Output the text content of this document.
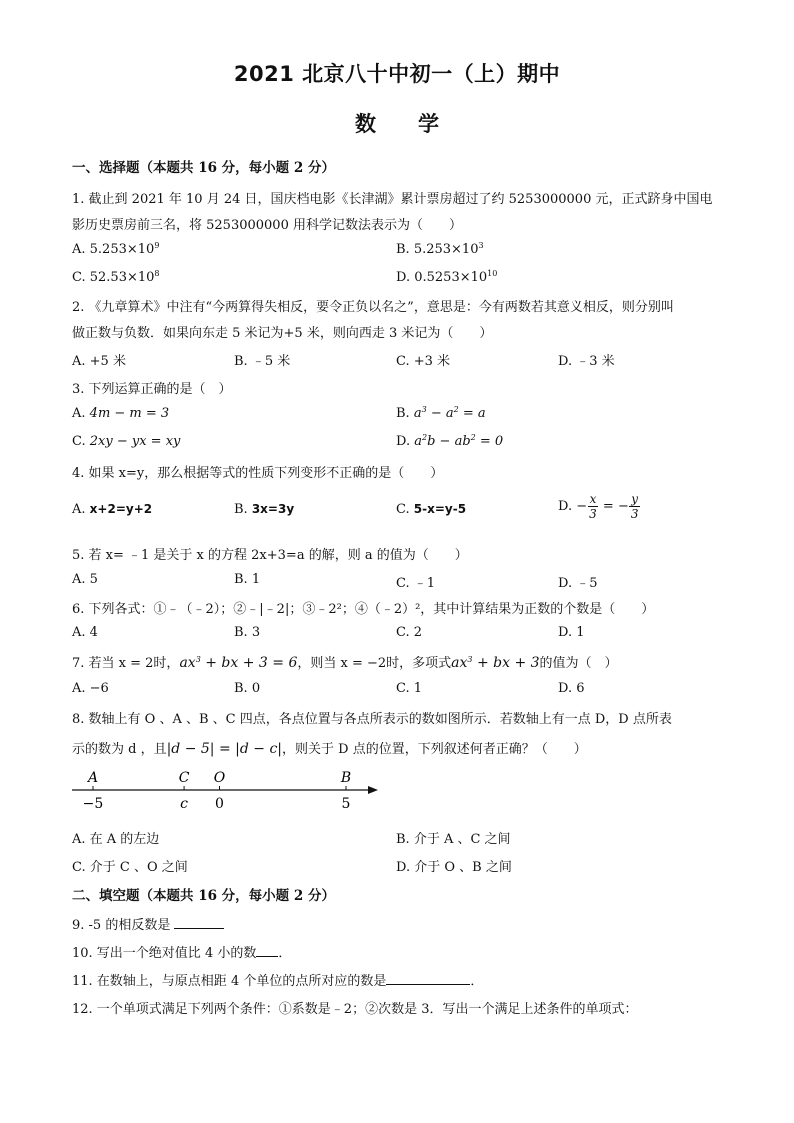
2021 北京八十中初一（上）期中
数　　学
一、选择题（本题共 16 分，每小题 2 分）
1. 截止到 2021 年 10 月 24 日，国庆档电影《长津湖》累计票房超过了约 5253000000 元，正式跻身中国电
影历史票房前三名，将 5253000000 用科学记数法表示为（　　）
A. $5.253\times 10^9$	B. $5.253\times 10^3$
C. $52.53\times 10^8$	D. $0.5253\times 10^{10}$
2. 《九章算术》中注有“今两算得失相反，要令正负以名之”，意思是：今有两数若其意义相反，则分别叫
做正数与负数．如果向东走 5 米记为+5 米，则向西走 3 米记为（　　）
A. +5 米	B. ﹣5 米	C. +3 米	D. ﹣3 米
3. 下列运算正确的是（　）
A. 4m − m = 3	B. $a^3 - a^2 = a$
C. 2xy − yx = xy	D. $a^2b - ab^2 = 0$
4. 如果 x=y，那么根据等式的性质下列变形不正确的是（　　）
A. x+2=y+2	B. 3x=3y	C. 5-x=y-5	D. − $\frac{x}{3}$ = − $\frac{y}{3}$
5. 若 x= ﹣1 是关于 x 的方程 2x+3=a 的解，则 a 的值为（　　）
A. 5	B. 1	C. ﹣1	D. ﹣5
6. 下列各式：①﹣（﹣2）；②﹣|﹣2|；③﹣2²；④（﹣2）²，其中计算结果为正数的个数是（　　）
A. 4	B. 3	C. 2	D. 1
7. 若当 x = 2时，$ax^3$ + bx + 3 = 6，则当 x = −2时，多项式$ax^3$ + bx + 3的值为（　）
A. −6	B. 0	C. 1	D. 6
8. 数轴上有 O 、A 、B 、C 四点，各点位置与各点所表示的数如图所示．若数轴上有一点 D，D 点所表
示的数为 d ，且|d − 5| = |d − c|，则关于 D 点的位置，下列叙述何者正确？（　　）
A
−5
C
c
O
0
B
5
A. 在 A 的左边	B. 介于 A 、C 之间
C. 介于 C 、O 之间	D. 介于 O 、B 之间
二、填空题（本题共 16 分，每小题 2 分）
9. -5 的相反数是
10. 写出一个绝对值比 4 小的数 ．
11. 在数轴上，与原点相距 4 个单位的点所对应的数是	．
12. 一个单项式满足下列两个条件：①系数是﹣2；②次数是 3．写出一个满足上述条件的单项式：
